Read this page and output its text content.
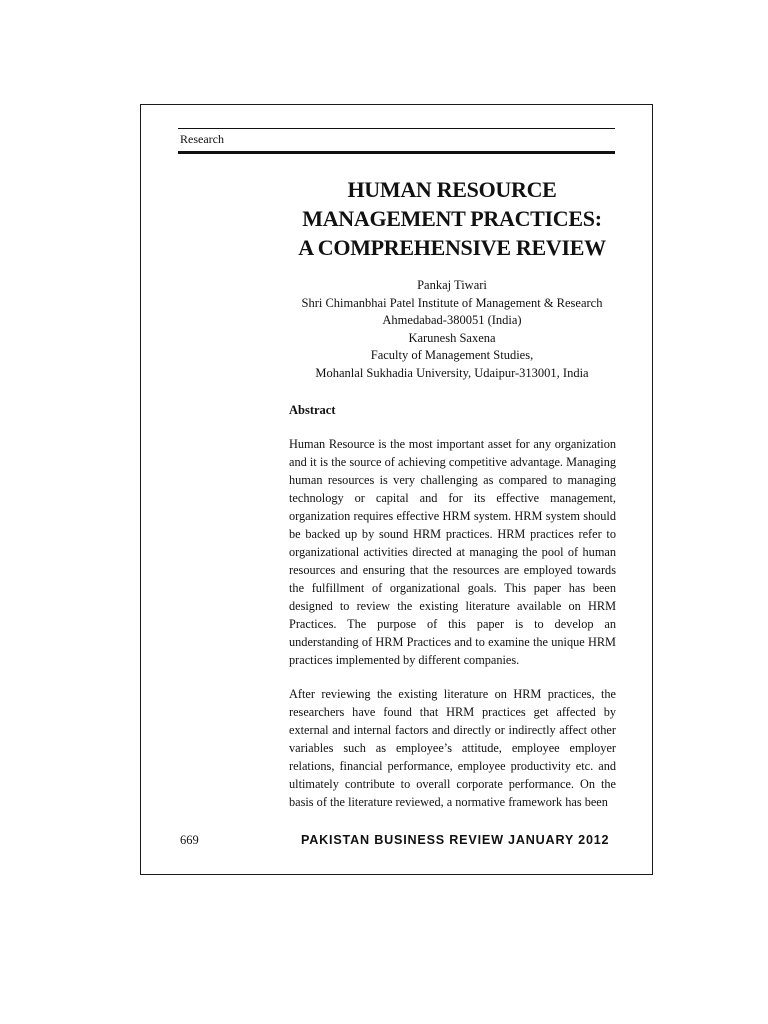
Research
HUMAN RESOURCE
MANAGEMENT PRACTICES:
A COMPREHENSIVE REVIEW
Pankaj Tiwari
Shri Chimanbhai Patel Institute of Management & Research
Ahmedabad-380051 (India)
Karunesh Saxena
Faculty of Management Studies,
Mohanlal Sukhadia University, Udaipur-313001, India
Abstract

Human Resource is the most important asset for any organization and it is the source of achieving competitive advantage. Managing human resources is very challenging as compared to managing technology or capital and for its effective management, organization requires effective HRM system. HRM system should be backed up by sound HRM practices. HRM practices refer to organizational activities directed at managing the pool of human resources and ensuring that the resources are employed towards the fulfillment of organizational goals. This paper has been designed to review the existing literature available on HRM Practices. The purpose of this paper is to develop an understanding of HRM Practices and to examine the unique HRM practices implemented by different companies.

After reviewing the existing literature on HRM practices, the researchers have found that HRM practices get affected by external and internal factors and directly or indirectly affect other variables such as employee’s attitude, employee employer relations, financial performance, employee productivity etc. and ultimately contribute to overall corporate performance. On the basis of the literature reviewed, a normative framework has been

669	PAKISTAN BUSINESS REVIEW JANUARY 2012
